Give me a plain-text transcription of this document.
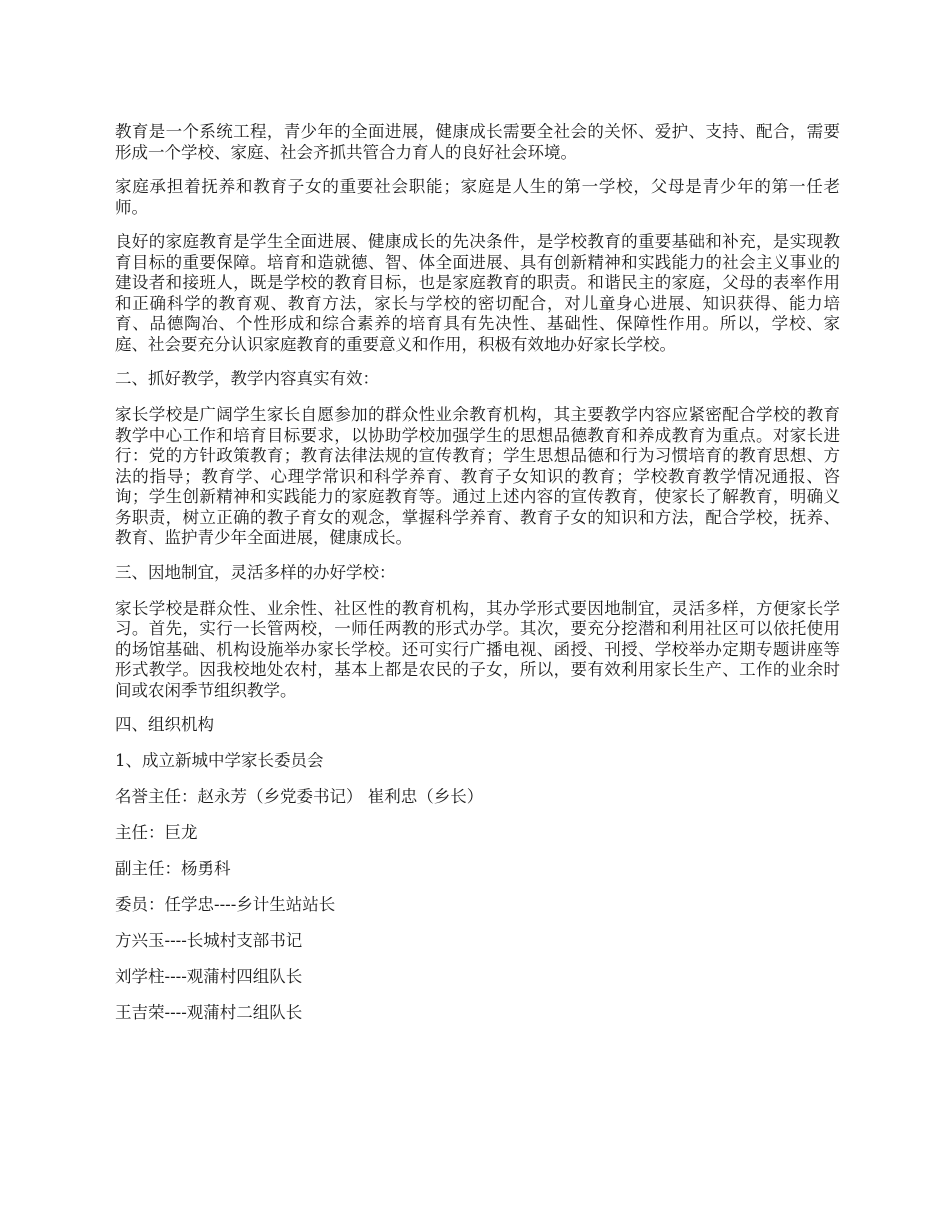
教育是一个系统工程，青少年的全面进展，健康成长需要全社会的关怀、爱护、支持、配合，需要形成一个学校、家庭、社会齐抓共管合力育人的良好社会环境。

家庭承担着抚养和教育子女的重要社会职能；家庭是人生的第一学校，父母是青少年的第一任老师。

良好的家庭教育是学生全面进展、健康成长的先决条件，是学校教育的重要基础和补充，是实现教育目标的重要保障。培育和造就德、智、体全面进展、具有创新精神和实践能力的社会主义事业的建设者和接班人，既是学校的教育目标，也是家庭教育的职责。和谐民主的家庭，父母的表率作用和正确科学的教育观、教育方法，家长与学校的密切配合，对儿童身心进展、知识获得、能力培育、品德陶冶、个性形成和综合素养的培育具有先决性、基础性、保障性作用。所以，学校、家庭、社会要充分认识家庭教育的重要意义和作用，积极有效地办好家长学校。

二、抓好教学，教学内容真实有效：

家长学校是广阔学生家长自愿参加的群众性业余教育机构，其主要教学内容应紧密配合学校的教育教学中心工作和培育目标要求，以协助学校加强学生的思想品德教育和养成教育为重点。对家长进行：党的方针政策教育；教育法律法规的宣传教育；学生思想品德和行为习惯培育的教育思想、方法的指导；教育学、心理学常识和科学养育、教育子女知识的教育；学校教育教学情况通报、咨询；学生创新精神和实践能力的家庭教育等。通过上述内容的宣传教育，使家长了解教育，明确义务职责，树立正确的教子育女的观念，掌握科学养育、教育子女的知识和方法，配合学校，抚养、教育、监护青少年全面进展，健康成长。

三、因地制宜，灵活多样的办好学校：

家长学校是群众性、业余性、社区性的教育机构，其办学形式要因地制宜，灵活多样，方便家长学习。首先，实行一长管两校，一师任两教的形式办学。其次，要充分挖潜和利用社区可以依托使用的场馆基础、机构设施举办家长学校。还可实行广播电视、函授、刊授、学校举办定期专题讲座等形式教学。因我校地处农村，基本上都是农民的子女，所以，要有效利用家长生产、工作的业余时间或农闲季节组织教学。

四、组织机构

1、成立新城中学家长委员会

名誉主任：赵永芳（乡党委书记） 崔利忠（乡长）

主任：巨龙

副主任：杨勇科

委员：任学忠----乡计生站站长

方兴玉----长城村支部书记

刘学柱----观蒲村四组队长

王吉荣----观蒲村二组队长
